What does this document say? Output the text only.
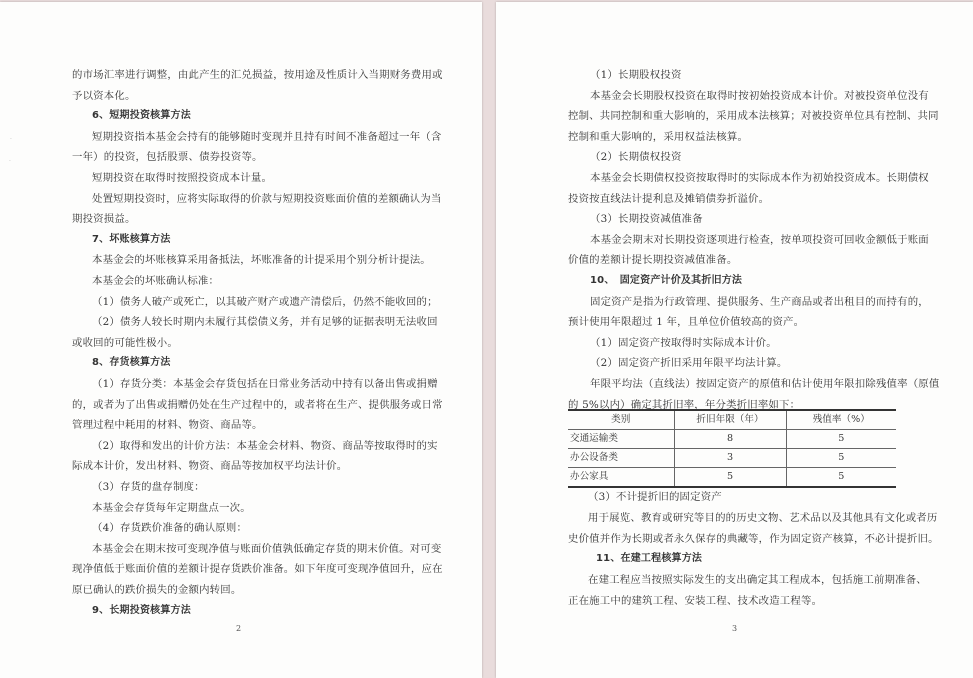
的市场汇率进行调整，由此产生的汇兑损益，按用途及性质计入当期财务费用或
予以资本化。
6、短期投资核算方法
短期投资指本基金会持有的能够随时变现并且持有时间不准备超过一年（含
一年）的投资，包括股票、债券投资等。
短期投资在取得时按照投资成本计量。
处置短期投资时，应将实际取得的价款与短期投资账面价值的差额确认为当
期投资损益。
7、坏账核算方法
本基金会的坏账核算采用备抵法，坏账准备的计提采用个别分析计提法。
本基金会的坏账确认标准：
（1）债务人破产或死亡，以其破产财产或遗产清偿后，仍然不能收回的；
（2）债务人较长时期内未履行其偿债义务，并有足够的证据表明无法收回
或收回的可能性极小。
8、存货核算方法
（1）存货分类：本基金会存货包括在日常业务活动中持有以备出售或捐赠
的，或者为了出售或捐赠仍处在生产过程中的，或者将在生产、提供服务或日常
管理过程中耗用的材料、物资、商品等。
（2）取得和发出的计价方法：本基金会材料、物资、商品等按取得时的实
际成本计价，发出材料、物资、商品等按加权平均法计价。
（3）存货的盘存制度：
本基金会存货每年定期盘点一次。
（4）存货跌价准备的确认原则：
本基金会在期末按可变现净值与账面价值孰低确定存货的期末价值。对可变
现净值低于账面价值的差额计提存货跌价准备。如下年度可变现净值回升，应在
原已确认的跌价损失的金额内转回。
9、长期投资核算方法
·
·
2
（1）长期股权投资
本基金会长期股权投资在取得时按初始投资成本计价。对被投资单位没有
控制、共同控制和重大影响的，采用成本法核算；对被投资单位具有控制、共同
控制和重大影响的，采用权益法核算。
（2）长期债权投资
本基金会长期债权投资按取得时的实际成本作为初始投资成本。长期债权
投资按直线法计提利息及摊销债券折溢价。
（3）长期投资减值准备
本基金会期末对长期投资逐项进行检查，按单项投资可回收金额低于账面
价值的差额计提长期投资减值准备。
10、　固定资产计价及其折旧方法
固定资产是指为行政管理、提供服务、生产商品或者出租目的而持有的，
预计使用年限超过 1 年，且单位价值较高的资产。
（1）固定资产按取得时实际成本计价。
（2）固定资产折旧采用年限平均法计算。
年限平均法（直线法）按固定资产的原值和估计使用年限扣除残值率（原值
的 5%以内）确定其折旧率，年分类折旧率如下：
类别	折旧年限（年）	残值率（%）
交通运输类	8	5
办公设备类	3	5
办公家具	5	5
（3）不计提折旧的固定资产
用于展览、教育或研究等目的的历史文物、艺术品以及其他具有文化或者历
史价值并作为长期或者永久保存的典藏等，作为固定资产核算，不必计提折旧。
11、在建工程核算方法
在建工程应当按照实际发生的支出确定其工程成本，包括施工前期准备、
正在施工中的建筑工程、安装工程、技术改造工程等。
3
